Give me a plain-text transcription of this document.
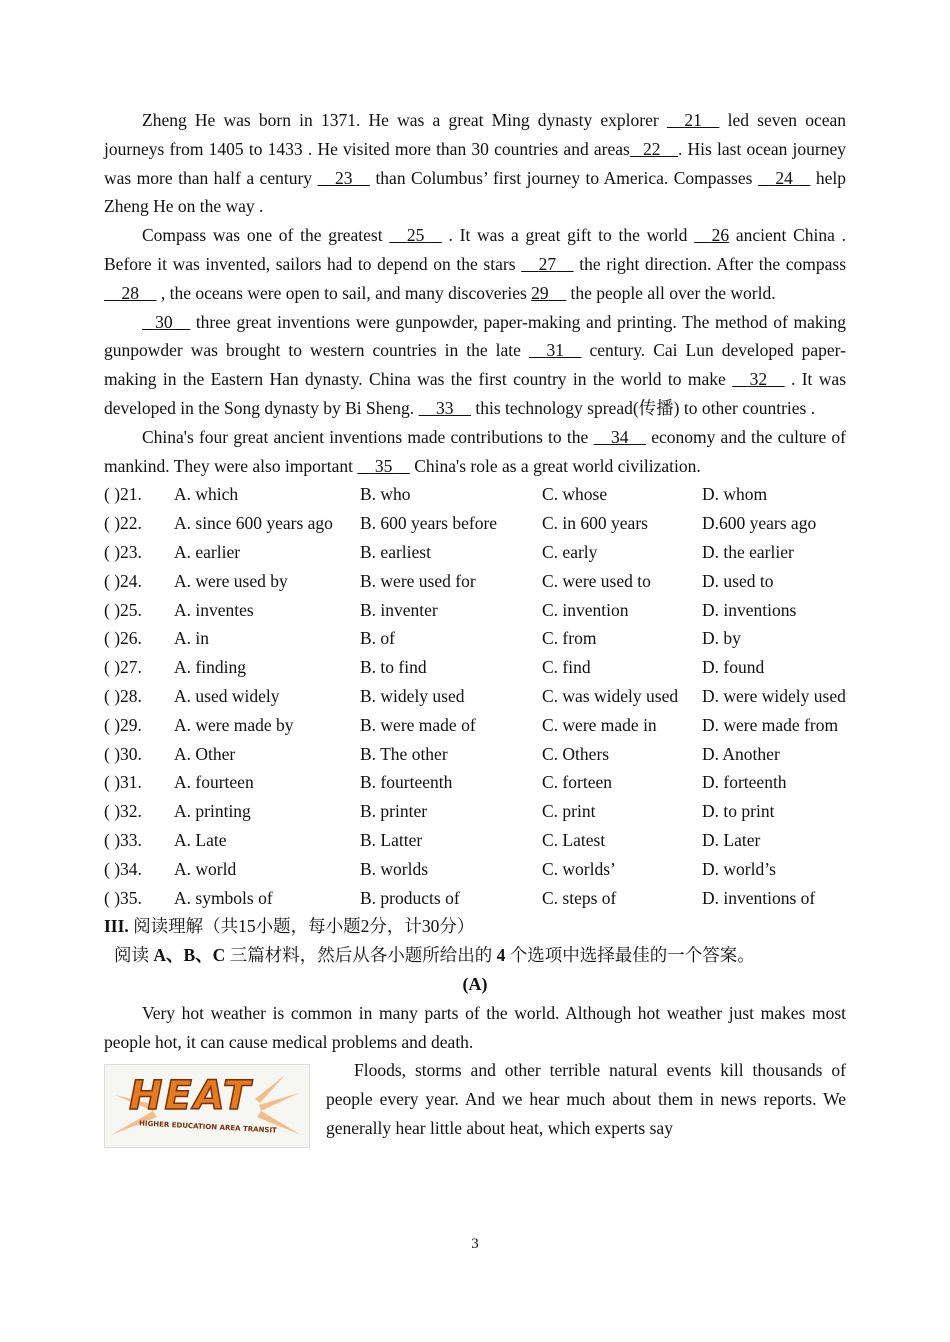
Zheng He was born in 1371. He was a great Ming dynasty explorer     21     led seven ocean journeys from 1405 to 1433 . He visited more than 30 countries and areas 22 . His last ocean journey was more than half a century     23     than Columbus’ first journey to America. Compasses     24     help Zheng He on the way .

Compass was one of the greatest     25     . It was a great gift to the world     26 ancient China . Before it was invented, sailors had to depend on the stars     27     the right direction. After the compass     28     , the oceans were open to sail, and many discoveries 29     the people all over the world.

30     three great inventions were gunpowder, paper-making and printing. The method of making gunpowder was brought to western countries in the late     31     century. Cai Lun developed paper-making in the Eastern Han dynasty. China was the first country in the world to make     32     . It was developed in the Song dynasty by Bi Sheng.     33     this technology spread(传播) to other countries .

China's four great ancient inventions made contributions to the     34     economy and the culture of mankind. They were also important     35     China's role as a great world civilization.

( )21.	A. which	B. who	C. whose	D. whom
( )22.	A. since 600 years ago	B. 600 years before	C. in 600 years	D.600 years ago
( )23.	A. earlier	B. earliest	C. early	D. the earlier
( )24.	A. were used by	B. were used for	C. were used to	D. used to
( )25.	A. inventes	B. inventer	C. invention	D. inventions
( )26.	A. in	B. of	C. from	D. by
( )27.	A. finding	B. to find	C. find	D. found
( )28.	A. used widely	B. widely used	C. was widely used	D. were widely used
( )29.	A. were made by	B. were made of	C. were made in	D. were made from
( )30.	A. Other	B. The other	C. Others	D. Another
( )31.	A. fourteen	B. fourteenth	C. forteen	D. forteenth
( )32.	A. printing	B. printer	C. print	D. to print
( )33.	A. Late	B. Latter	C. Latest	D. Later
( )34.	A. world	B. worlds	C. worlds’	D. world’s
( )35.	A. symbols of	B. products of	C. steps of	D. inventions of

III. 阅读理解（共15小题，每小题2分，计30分）

阅读 A、B、C 三篇材料，然后从各小题所给出的 4 个选项中选择最佳的一个答案。

(A)

Very hot weather is common in many parts of the world. Although hot weather just makes most people hot, it can cause medical problems and death.

HEAT
HIGHER EDUCATION AREA TRANSIT

Floods, storms and other terrible natural events kill thousands of people every year. And we hear much about them in news reports. We generally hear little about heat, which experts say

3
